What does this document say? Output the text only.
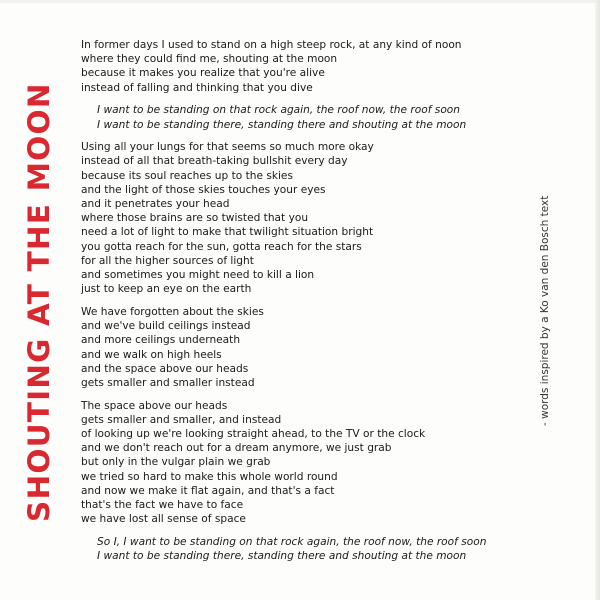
SHOUTING AT THE MOON
In former days I used to stand on a high steep rock, at any kind of noon
where they could find me, shouting at the moon
because it makes you realize that you're alive
instead of falling and thinking that you dive
I want to be standing on that rock again, the roof now, the roof soon
I want to be standing there, standing there and shouting at the moon
Using all your lungs for that seems so much more okay
instead of all that breath-taking bullshit every day
because its soul reaches up to the skies
and the light of those skies touches your eyes
and it penetrates your head
where those brains are so twisted that you
need a lot of light to make that twilight situation bright
you gotta reach for the sun, gotta reach for the stars
for all the higher sources of light
and sometimes you might need to kill a lion
just to keep an eye on the earth
We have forgotten about the skies
and we've build ceilings instead
and more ceilings underneath
and we walk on high heels
and the space above our heads
gets smaller and smaller instead
The space above our heads
gets smaller and smaller, and instead
of looking up we're looking straight ahead, to the TV or the clock
and we don't reach out for a dream anymore, we just grab
but only in the vulgar plain we grab
we tried so hard to make this whole world round
and now we make it flat again, and that's a fact
that's the fact we have to face
we have lost all sense of space
So I, I want to be standing on that rock again, the roof now, the roof soon
I want to be standing there, standing there and shouting at the moon
- words inspired by a Ko van den Bosch text
